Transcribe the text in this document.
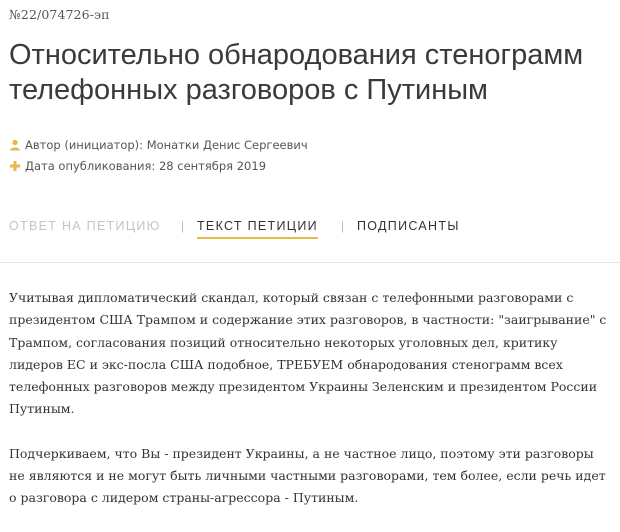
№22/074726-эп
Относительно обнародования стенограмм телефонных разговоров с Путиным
Автор (инициатор): Монатки Денис Сергеевич
Дата опубликования: 28 сентября 2019
ОТВЕТ НА ПЕТИЦИЮ | ТЕКСТ ПЕТИЦИИ | ПОДПИСАНТЫ

Учитывая дипломатический скандал, который связан с телефонными разговорами с президентом США Трампом и содержание этих разговоров, в частности: "заигрывание" с Трампом, согласования позиций относительно некоторых уголовных дел, критику лидеров ЕС и экс-посла США подобное, ТРЕБУЕМ обнародования стенограмм всех телефонных разговоров между президентом Украины Зеленским и президентом России Путиным.

Подчеркиваем, что Вы - президент Украины, а не частное лицо, поэтому эти разговоры не являются и не могут быть личными частными разговорами, тем более, если речь идет о разговора с лидером страны-агрессора - Путиным.
